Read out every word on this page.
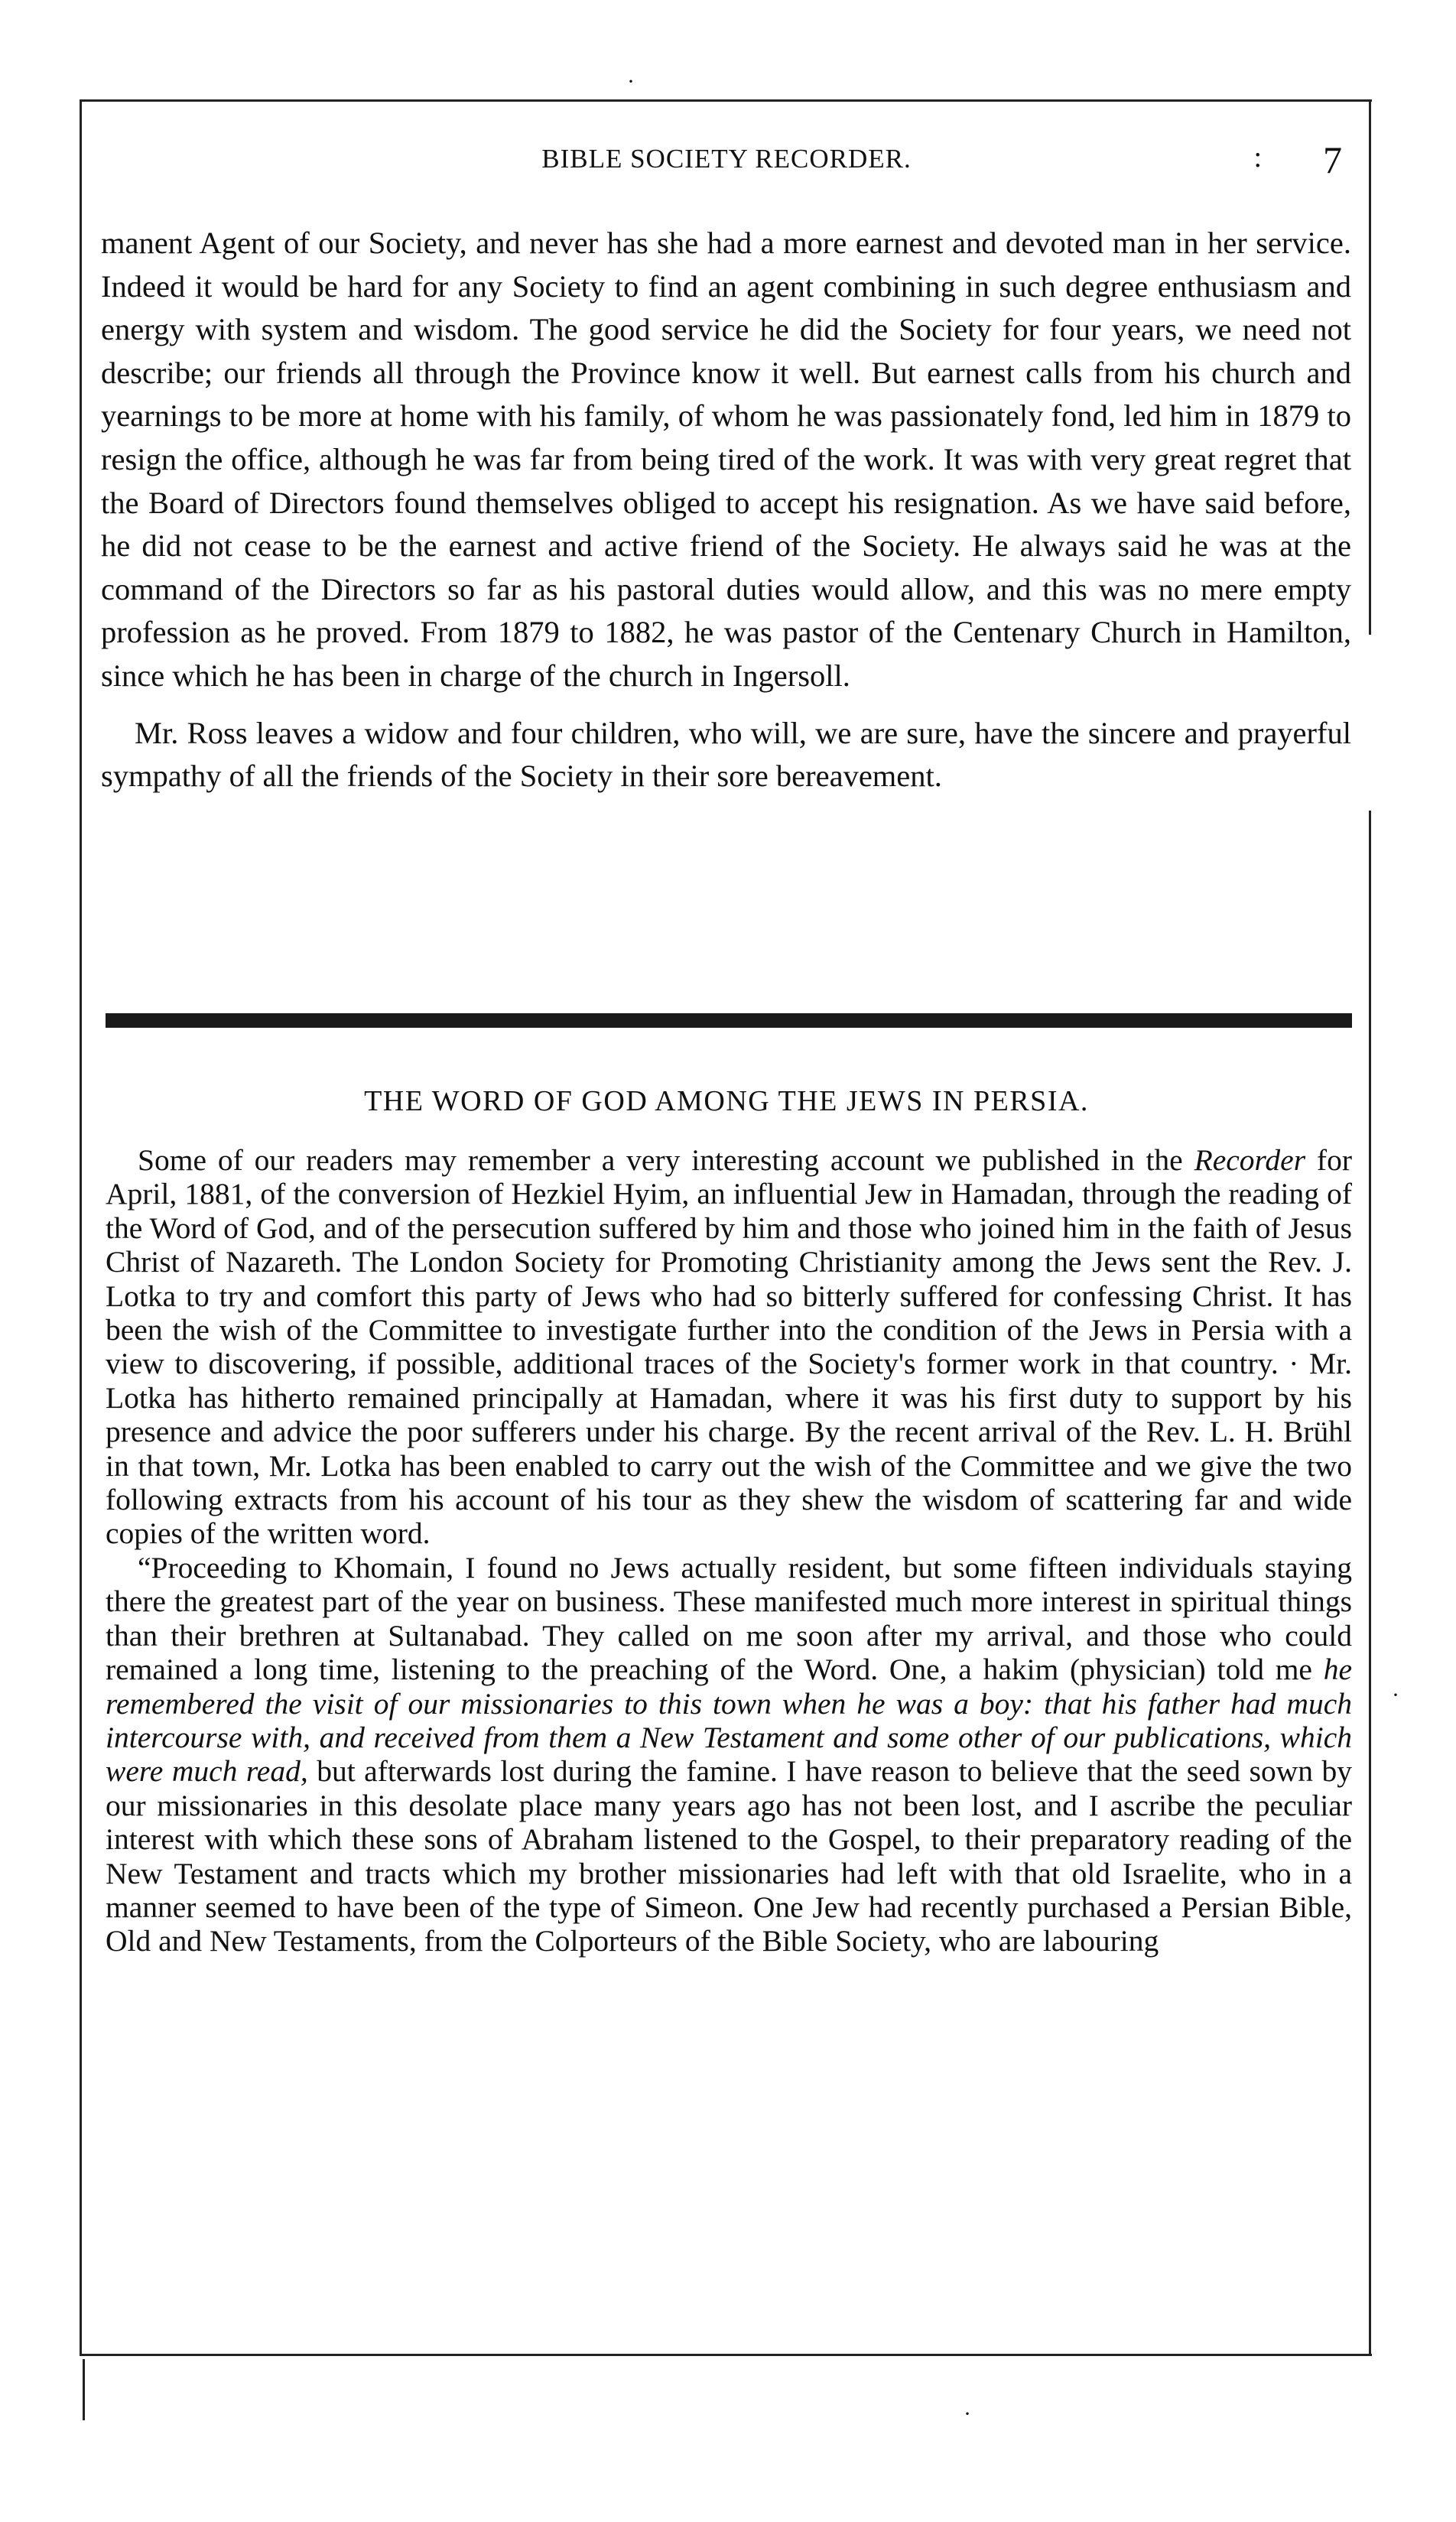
·
·
·
BIBLE SOCIETY RECORDER.	: 7

manent Agent of our Society, and never has she had a more earnest and devoted man in her service. Indeed it would be hard for any Society to find an agent combining in such degree enthusiasm and energy with system and wisdom. The good service he did the Society for four years, we need not describe; our friends all through the Province know it well. But earnest calls from his church and yearnings to be more at home with his family, of whom he was passionately fond, led him in 1879 to resign the office, although he was far from being tired of the work. It was with very great regret that the Board of Directors found themselves obliged to accept his resignation. As we have said before, he did not cease to be the earnest and active friend of the Society. He always said he was at the command of the Directors so far as his pastoral duties would allow, and this was no mere empty profession as he proved. From 1879 to 1882, he was pastor of the Centenary Church in Hamilton, since which he has been in charge of the church in Ingersoll.

Mr. Ross leaves a widow and four children, who will, we are sure, have the sincere and prayerful sympathy of all the friends of the Society in their sore bereavement.

THE WORD OF GOD AMONG THE JEWS IN PERSIA.

Some of our readers may remember a very interesting account we published in the Recorder for April, 1881, of the conversion of Hezkiel Hyim, an influential Jew in Hamadan, through the reading of the Word of God, and of the persecution suffered by him and those who joined him in the faith of Jesus Christ of Nazareth. The London Society for Promoting Christianity among the Jews sent the Rev. J. Lotka to try and comfort this party of Jews who had so bitterly suffered for confessing Christ. It has been the wish of the Committee to investigate further into the condition of the Jews in Persia with a view to discovering, if possible, additional traces of the Society's former work in that country. · Mr. Lotka has hitherto remained principally at Hamadan, where it was his first duty to support by his presence and advice the poor sufferers under his charge. By the recent arrival of the Rev. L. H. Brühl in that town, Mr. Lotka has been enabled to carry out the wish of the Committee and we give the two following extracts from his account of his tour as they shew the wisdom of scattering far and wide copies of the written word.

“Proceeding to Khomain, I found no Jews actually resident, but some fifteen individuals staying there the greatest part of the year on business. These manifested much more interest in spiritual things than their brethren at Sultanabad. They called on me soon after my arrival, and those who could remained a long time, listening to the preaching of the Word. One, a hakim (physician) told me he remembered the visit of our missionaries to this town when he was a boy: that his father had much intercourse with, and received from them a New Testament and some other of our publications, which were much read, but afterwards lost during the famine. I have reason to believe that the seed sown by our missionaries in this desolate place many years ago has not been lost, and I ascribe the peculiar interest with which these sons of Abraham listened to the Gospel, to their preparatory reading of the New Testament and tracts which my brother missionaries had left with that old Israelite, who in a manner seemed to have been of the type of Simeon. One Jew had recently purchased a Persian Bible, Old and New Testaments, from the Colporteurs of the Bible Society, who are labouring
